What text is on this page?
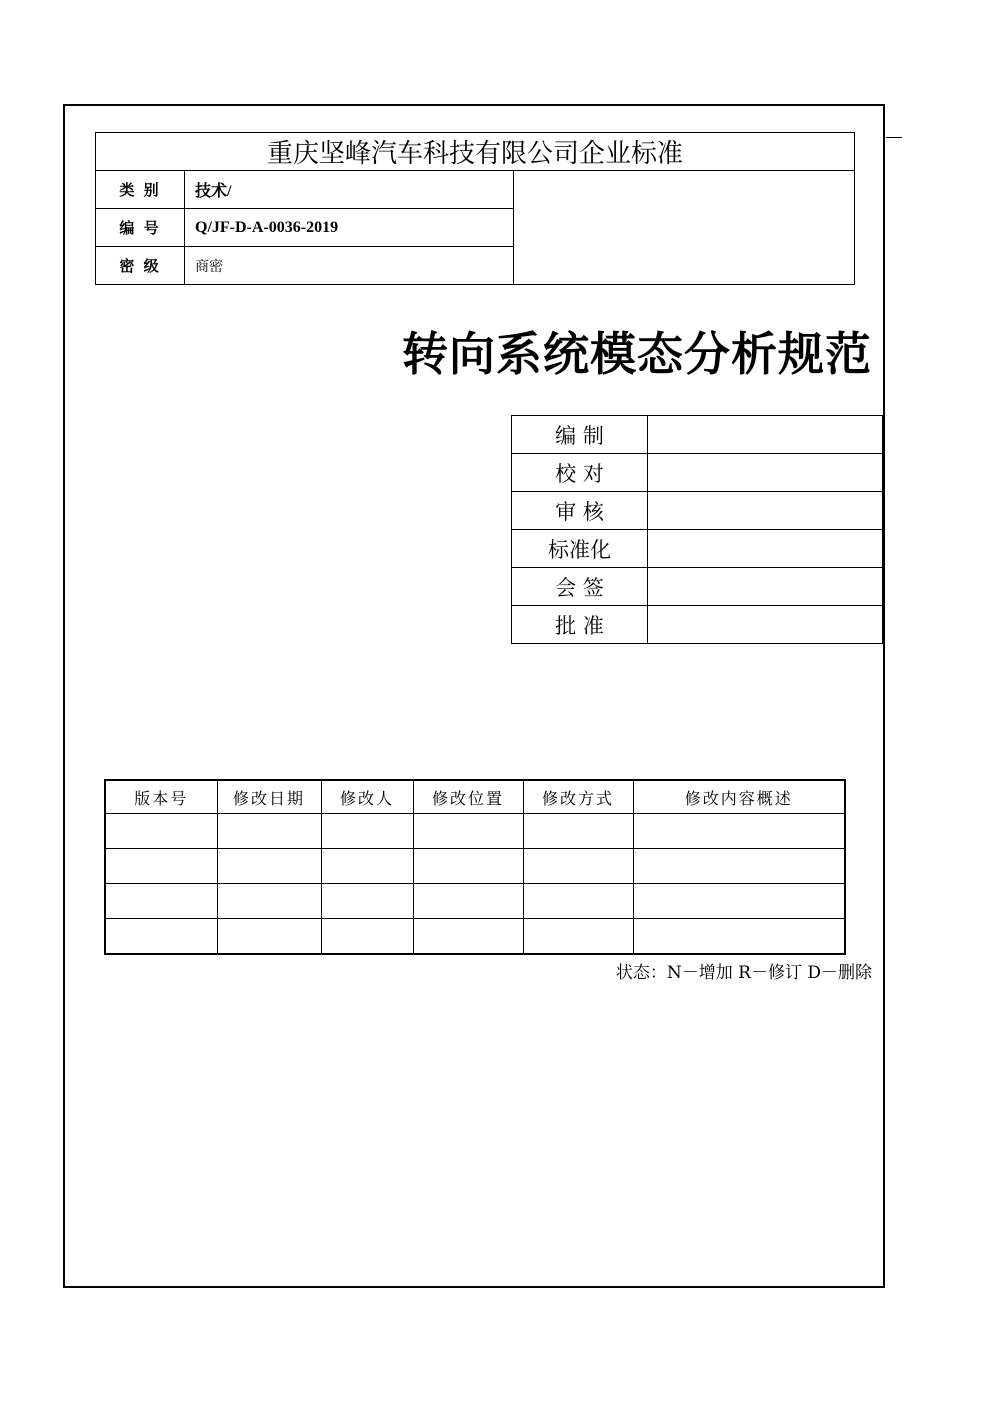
重庆坚峰汽车科技有限公司企业标准		
类 别	技术/	
编 号	Q/JF-D-A-0036-2019	
密 级	商密	
转向系统模态分析规范
编 制	
校 对	
审 核	
标准化	
会 签	
批 准	
版本号	修改日期	修改人	修改位置	修改方式	修改内容概述

状态：N－增加 R－修订 D－删除
